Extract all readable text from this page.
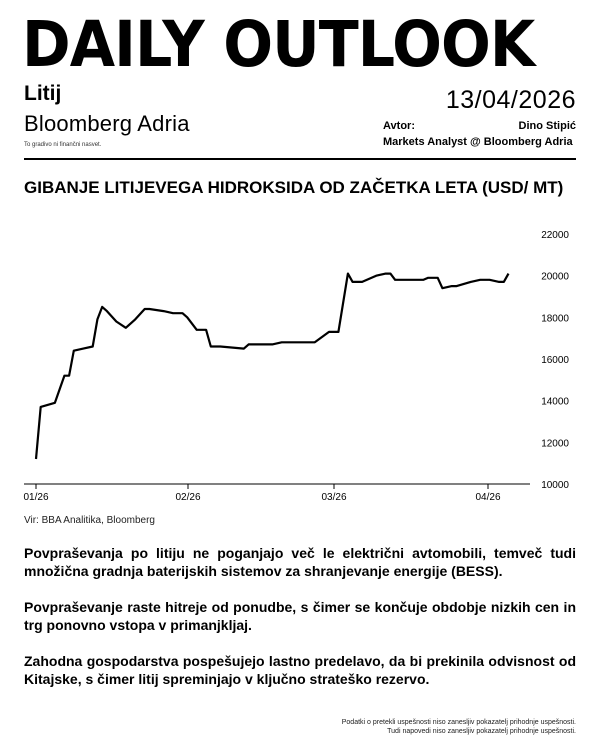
DAILY OUTLOOK
Litij	13/04/2026
Bloomberg Adria
To gradivo ni finančni nasvet.
Avtor:	Dino Stipić
Markets Analyst @ Bloomberg Adria
GIBANJE LITIJEVEGA HIDROKSIDA OD ZAČETKA LETA (USD/ MT)
01/26	02/26	03/26	04/26
22000
20000
18000
16000
14000
12000
10000
Vir: BBA Analitika, Bloomberg

Povpraševanja po litiju ne poganjajo več le električni avtomobili, temveč tudi množična gradnja baterijskih sistemov za shranjevanje energije (BESS).

Povpraševanje raste hitreje od ponudbe, s čimer se končuje obdobje nizkih cen in trg ponovno vstopa v primanjkljaj.

Zahodna gospodarstva pospešujejo lastno predelavo, da bi prekinila odvisnost od Kitajske, s čimer litij spreminjajo v ključno strateško rezervo.

Podatki o pretekli uspešnosti niso zanesljiv pokazatelj prihodnje uspešnosti.
Tudi napovedi niso zanesljiv pokazatelj prihodnje uspešnosti.
